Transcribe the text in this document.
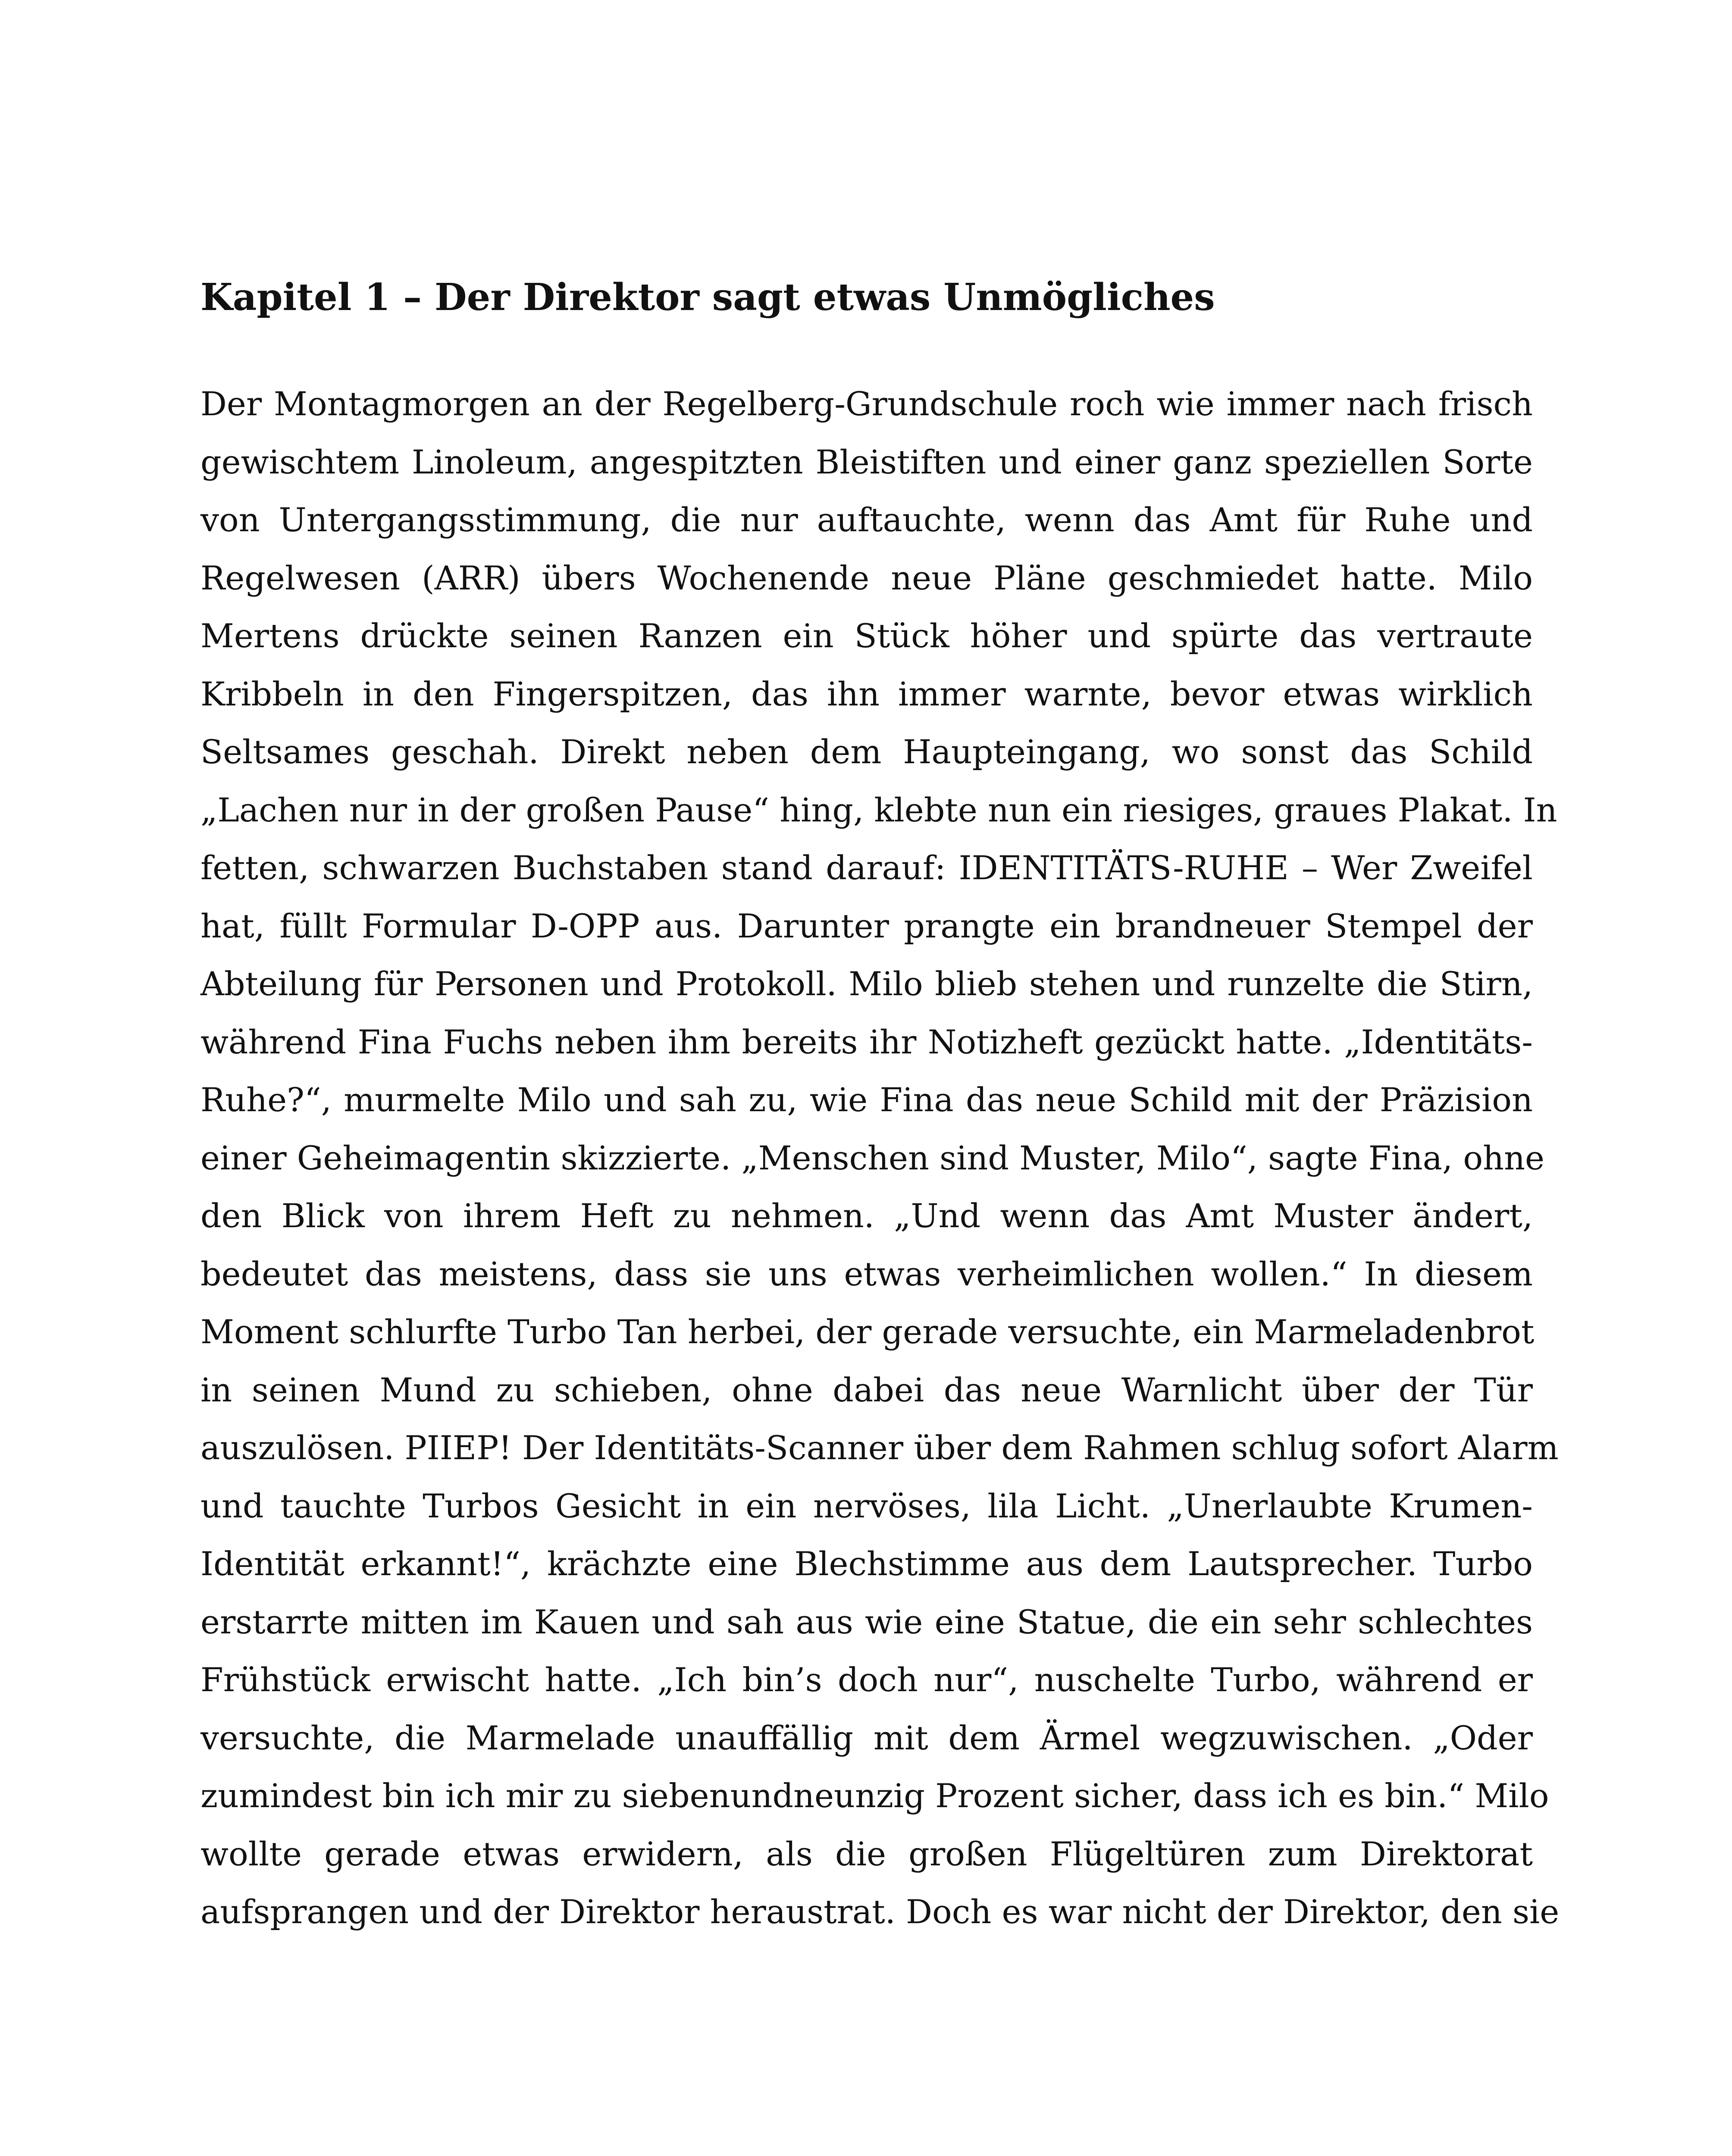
Kapitel 1 – Der Direktor sagt etwas Unmögliches
Der Montagmorgen an der Regelberg-Grundschule roch wie immer nach frisch
gewischtem Linoleum, angespitzten Bleistiften und einer ganz speziellen Sorte
von Untergangsstimmung, die nur auftauchte, wenn das Amt für Ruhe und
Regelwesen (ARR) übers Wochenende neue Pläne geschmiedet hatte. Milo
Mertens drückte seinen Ranzen ein Stück höher und spürte das vertraute
Kribbeln in den Fingerspitzen, das ihn immer warnte, bevor etwas wirklich
Seltsames geschah. Direkt neben dem Haupteingang, wo sonst das Schild
„Lachen nur in der großen Pause“ hing, klebte nun ein riesiges, graues Plakat. In
fetten, schwarzen Buchstaben stand darauf: IDENTITÄTS-RUHE – Wer Zweifel
hat, füllt Formular D-OPP aus. Darunter prangte ein brandneuer Stempel der
Abteilung für Personen und Protokoll. Milo blieb stehen und runzelte die Stirn,
während Fina Fuchs neben ihm bereits ihr Notizheft gezückt hatte. „Identitäts-
Ruhe?“, murmelte Milo und sah zu, wie Fina das neue Schild mit der Präzision
einer Geheimagentin skizzierte. „Menschen sind Muster, Milo“, sagte Fina, ohne
den Blick von ihrem Heft zu nehmen. „Und wenn das Amt Muster ändert,
bedeutet das meistens, dass sie uns etwas verheimlichen wollen.“ In diesem
Moment schlurfte Turbo Tan herbei, der gerade versuchte, ein Marmeladenbrot
in seinen Mund zu schieben, ohne dabei das neue Warnlicht über der Tür
auszulösen. PIIEP! Der Identitäts-Scanner über dem Rahmen schlug sofort Alarm
und tauchte Turbos Gesicht in ein nervöses, lila Licht. „Unerlaubte Krumen-
Identität erkannt!“, krächzte eine Blechstimme aus dem Lautsprecher. Turbo
erstarrte mitten im Kauen und sah aus wie eine Statue, die ein sehr schlechtes
Frühstück erwischt hatte. „Ich bin’s doch nur“, nuschelte Turbo, während er
versuchte, die Marmelade unauffällig mit dem Ärmel wegzuwischen. „Oder
zumindest bin ich mir zu siebenundneunzig Prozent sicher, dass ich es bin.“ Milo
wollte gerade etwas erwidern, als die großen Flügeltüren zum Direktorat
aufsprangen und der Direktor heraustrat. Doch es war nicht der Direktor, den sie
